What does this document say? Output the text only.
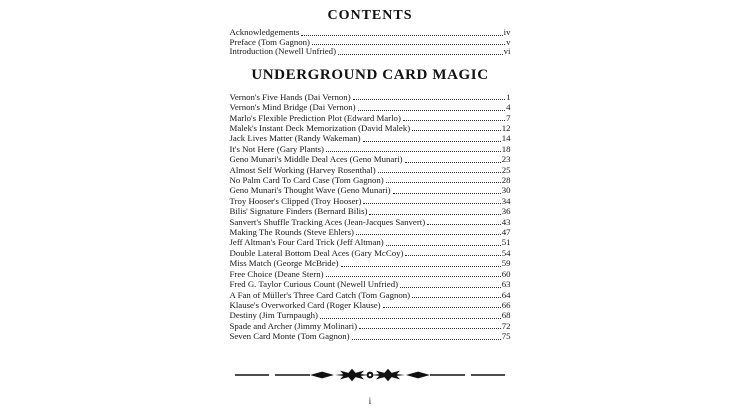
CONTENTS
Acknowledgements	iv
Preface (Tom Gagnon)	v
Introduction (Newell Unfried)	vi
UNDERGROUND CARD MAGIC
Vernon's Five Hands (Dai Vernon)	1
Vernon's Mind Bridge (Dai Vernon)	4
Marlo's Flexible Prediction Plot (Edward Marlo)	7
Malek's Instant Deck Memorization (David Malek)	12
Jack Lives Matter (Randy Wakeman)	14
It's Not Here (Gary Plants)	18
Geno Munari's Middle Deal Aces (Geno Munari)	23
Almost Self Working (Harvey Rosenthal)	25
No Palm Card To Card Case (Tom Gagnon)	28
Geno Munari's Thought Wave (Geno Munari)	30
Troy Hooser's Clipped (Troy Hooser)	34
Bilis' Signature Finders (Bernard Bilis)	36
Sanvert's Shuffle Tracking Aces (Jean-Jacques Sanvert)	43
Making The Rounds (Steve Ehlers)	47
Jeff Altman's Four Card Trick (Jeff Altman)	51
Double Lateral Bottom Deal Aces (Gary McCoy)	54
Miss Match (George McBride)	59
Free Choice (Deane Stern)	60
Fred G. Taylor Curious Count (Newell Unfried)	63
A Fan of Müller's Three Card Catch (Tom Gagnon)	64
Klause's Overworked Card (Roger Klause)	66
Destiny (Jim Turnpaugh)	68
Spade and Archer (Jimmy Molinari)	72
Seven Card Monte (Tom Gagnon)	75
i
